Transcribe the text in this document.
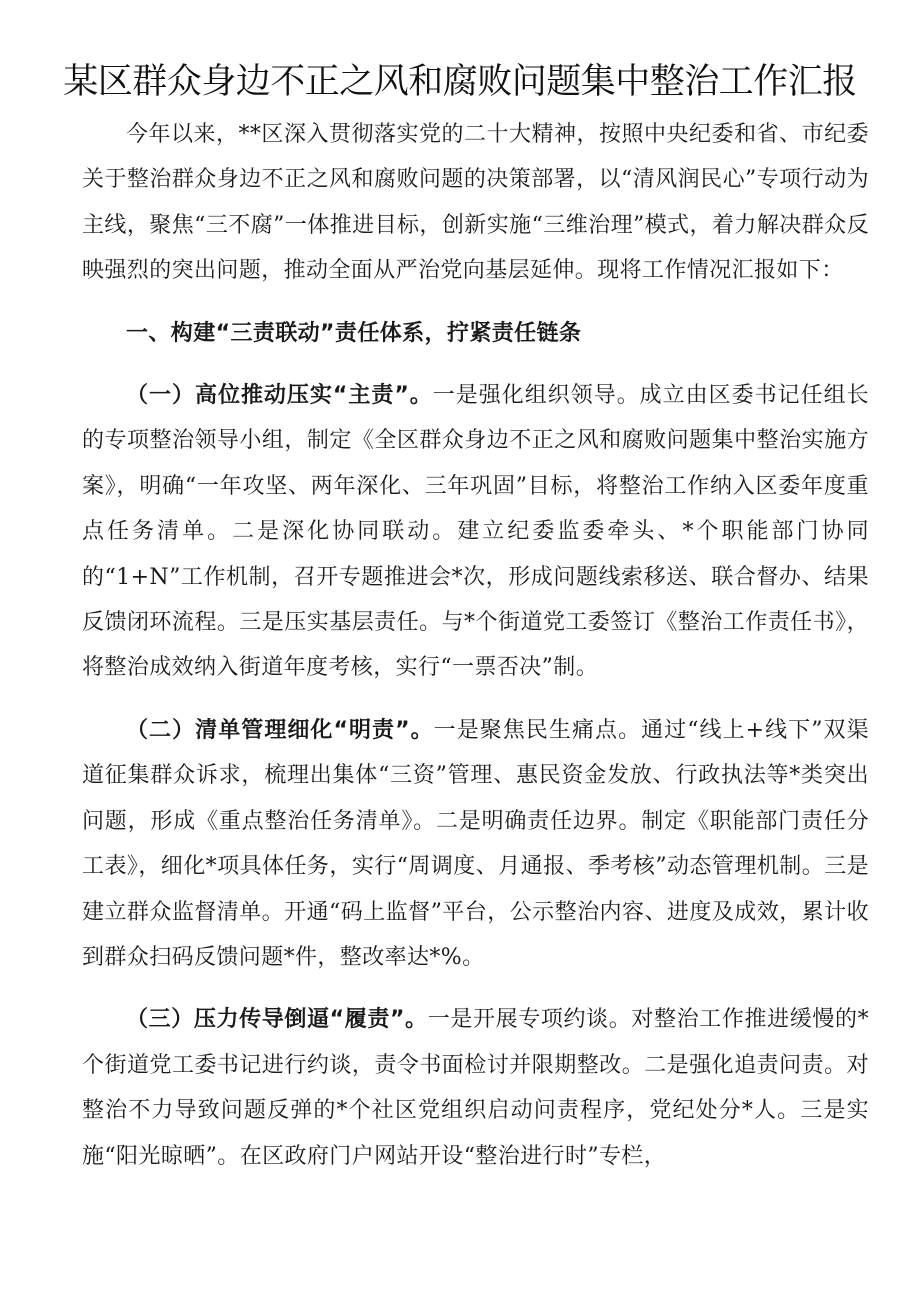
某区群众身边不正之风和腐败问题集中整治工作汇报

今年以来，**区深入贯彻落实党的二十大精神，按照中央纪委和省、市纪委关于整治群众身边不正之风和腐败问题的决策部署，以“清风润民心”专项行动为主线，聚焦“三不腐”一体推进目标，创新实施“三维治理”模式，着力解决群众反映强烈的突出问题，推动全面从严治党向基层延伸。现将工作情况汇报如下：

一、构建“三责联动”责任体系，拧紧责任链条

（一）高位推动压实“主责”。一是强化组织领导。成立由区委书记任组长的专项整治领导小组，制定《全区群众身边不正之风和腐败问题集中整治实施方案》，明确“一年攻坚、两年深化、三年巩固”目标，将整治工作纳入区委年度重点任务清单。二是深化协同联动。建立纪委监委牵头、*个职能部门协同的“1+N”工作机制，召开专题推进会*次，形成问题线索移送、联合督办、结果反馈闭环流程。三是压实基层责任。与*个街道党工委签订《整治工作责任书》，将整治成效纳入街道年度考核，实行“一票否决”制。

（二）清单管理细化“明责”。一是聚焦民生痛点。通过“线上+线下”双渠道征集群众诉求，梳理出集体“三资”管理、惠民资金发放、行政执法等*类突出问题，形成《重点整治任务清单》。二是明确责任边界。制定《职能部门责任分工表》，细化*项具体任务，实行“周调度、月通报、季考核”动态管理机制。三是建立群众监督清单。开通“码上监督”平台，公示整治内容、进度及成效，累计收到群众扫码反馈问题*件，整改率达*%。

（三）压力传导倒逼“履责”。一是开展专项约谈。对整治工作推进缓慢的*个街道党工委书记进行约谈，责令书面检讨并限期整改。二是强化追责问责。对整治不力导致问题反弹的*个社区党组织启动问责程序，党纪处分*人。三是实施“阳光晾晒”。在区政府门户网站开设“整治进行时”专栏，
